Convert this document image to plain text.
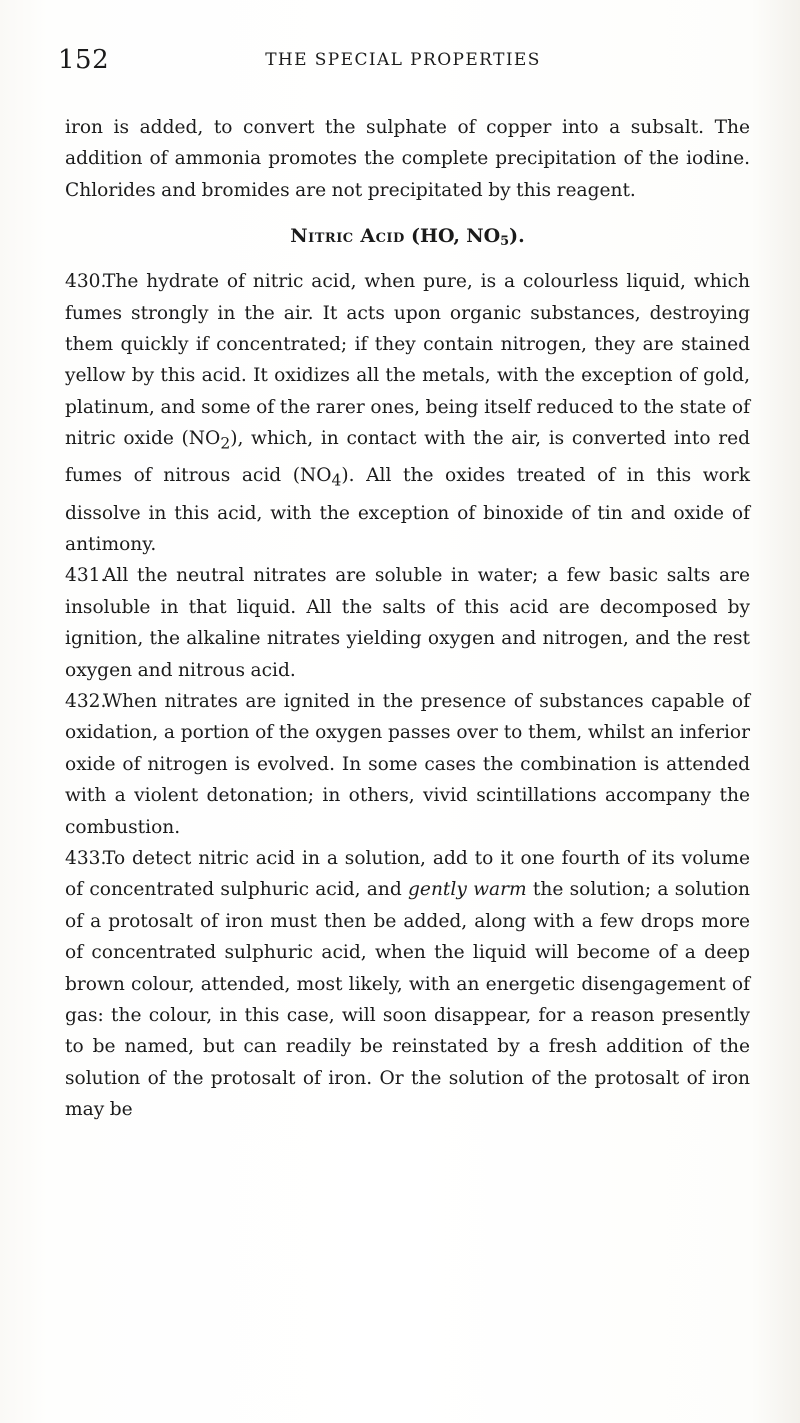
152	THE SPECIAL PROPERTIES

iron is added, to convert the sulphate of copper into a subsalt. The addition of ammonia promotes the complete precipitation of the iodine. Chlorides and bromides are not precipitated by this reagent.

Nitric Acid (HO, $NO_5$).

430.The hydrate of nitric acid, when pure, is a colourless liquid, which fumes strongly in the air. It acts upon organic substances, destroying them quickly if concentrated; if they contain nitrogen, they are stained yellow by this acid. It oxidizes all the metals, with the exception of gold, platinum, and some of the rarer ones, being itself reduced to the state of nitric oxide $(NO_2)$, which, in contact with the air, is converted into red fumes of nitrous acid $(NO_4)$. All the oxides treated of in this work dissolve in this acid, with the exception of binoxide of tin and oxide of antimony.

431.All the neutral nitrates are soluble in water; a few basic salts are insoluble in that liquid. All the salts of this acid are decomposed by ignition, the alkaline nitrates yielding oxygen and nitrogen, and the rest oxygen and nitrous acid.

432.When nitrates are ignited in the presence of substances capable of oxidation, a portion of the oxygen passes over to them, whilst an inferior oxide of nitrogen is evolved. In some cases the combination is attended with a violent detonation; in others, vivid scintillations accompany the combustion.

433.To detect nitric acid in a solution, add to it one fourth of its volume of concentrated sulphuric acid, and gently warm the solution; a solution of a protosalt of iron must then be added, along with a few drops more of concentrated sulphuric acid, when the liquid will become of a deep brown colour, attended, most likely, with an energetic disengagement of gas: the colour, in this case, will soon disappear, for a reason presently to be named, but can readily be reinstated by a fresh addition of the solution of the protosalt of iron. Or the solution of the protosalt of iron may be
